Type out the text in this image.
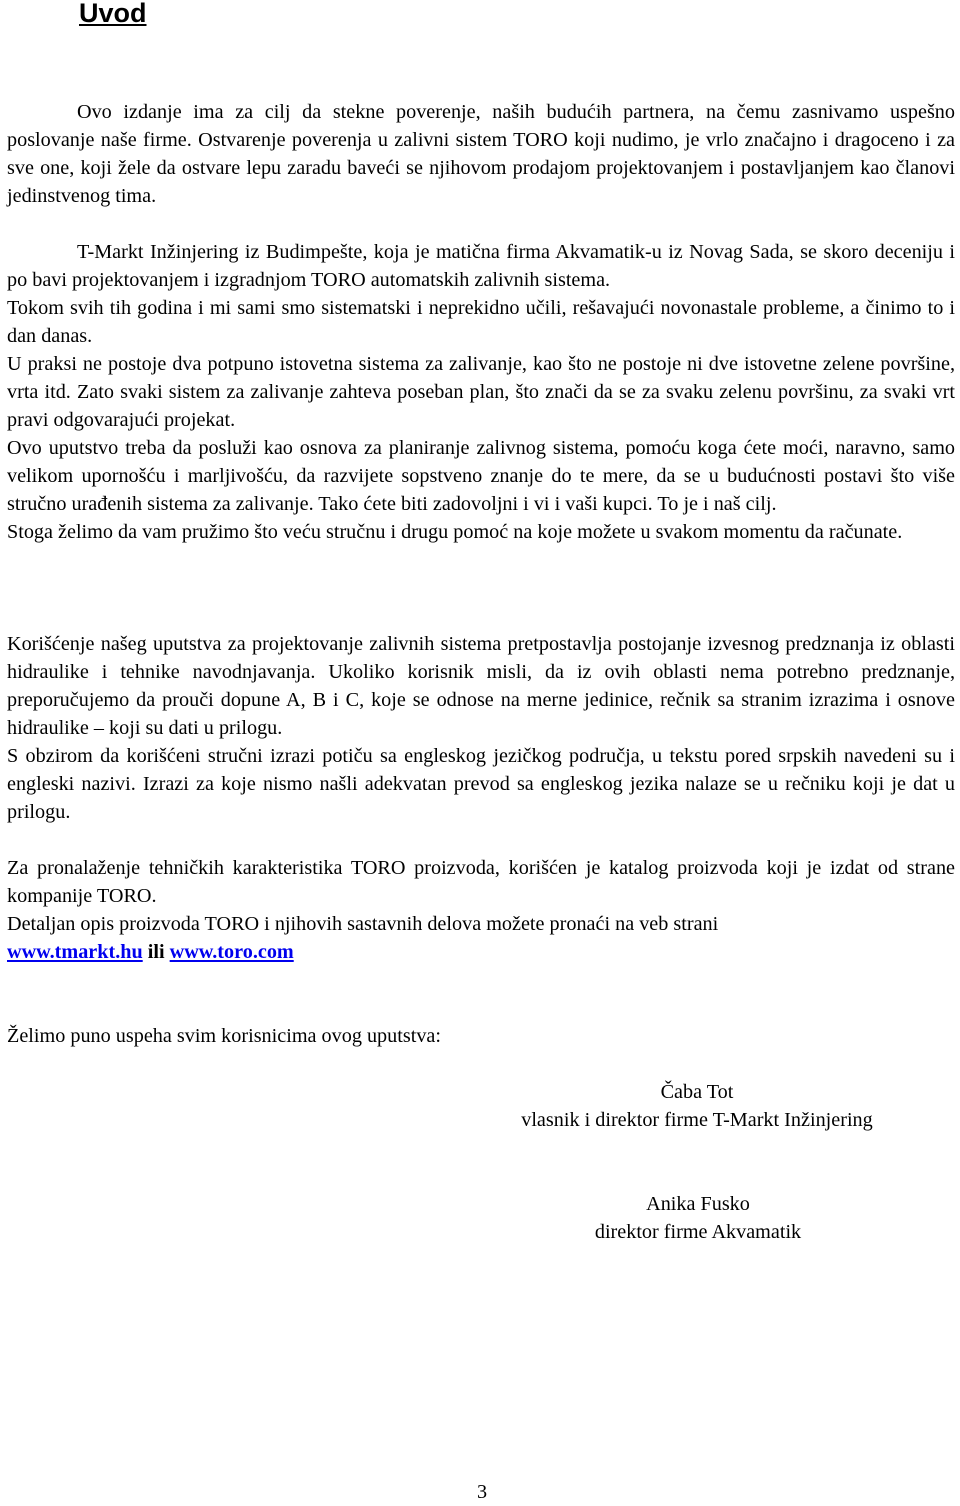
Uvod

Ovo izdanje ima za cilj da stekne poverenje, naših budućih partnera, na čemu zasnivamo uspešno poslovanje naše firme. Ostvarenje poverenja u zalivni sistem TORO koji nudimo, je vrlo značajno i dragoceno i za sve one, koji žele da ostvare lepu zaradu baveći se njihovom prodajom projektovanjem i postavljanjem kao članovi jedinstvenog tima.

T-Markt Inžinjering iz Budimpešte, koja je matična firma Akvamatik-u iz Novag Sada, se skoro deceniju i po bavi projektovanjem i izgradnjom TORO automatskih zalivnih sistema.

Tokom svih tih godina i mi sami smo sistematski i neprekidno učili, rešavajući novonastale probleme, a činimo to i dan danas.

U praksi ne postoje dva potpuno istovetna sistema za zalivanje, kao što ne postoje ni dve istovetne zelene površine, vrta itd. Zato svaki sistem za zalivanje zahteva poseban plan, što znači da se za svaku zelenu površinu, za svaki vrt pravi odgovarajući projekat.

Ovo uputstvo treba da posluži kao osnova za planiranje zalivnog sistema, pomoću koga ćete moći, naravno, samo velikom upornošću i marljivošću, da razvijete sopstveno znanje do te mere, da se u budućnosti postavi što više stručno urađenih sistema za zalivanje. Tako ćete biti zadovoljni i vi i vaši kupci. To je i naš cilj.

Stoga želimo da vam pružimo što veću stručnu i drugu pomoć na koje možete u svakom momentu da računate.

Korišćenje našeg uputstva za projektovanje zalivnih sistema pretpostavlja postojanje izvesnog predznanja iz oblasti hidraulike i tehnike navodnjavanja. Ukoliko korisnik misli, da iz ovih oblasti nema potrebno predznanje, preporučujemo da prouči dopune A, B i C, koje se odnose na merne jedinice, rečnik sa stranim izrazima i osnove hidraulike – koji su dati u prilogu.

S obzirom da korišćeni stručni izrazi potiču sa engleskog jezičkog područja, u tekstu pored srpskih navedeni su i engleski nazivi. Izrazi za koje nismo našli adekvatan prevod sa engleskog jezika nalaze se u rečniku koji je dat u prilogu.

Za pronalaženje tehničkih karakteristika TORO proizvoda, korišćen je katalog proizvoda koji je izdat od strane kompanije TORO.

Detaljan opis proizvoda TORO i njihovih sastavnih delova možete pronaći na veb strani

www.tmarkt.hu ili www.toro.com

Želimo puno uspeha svim korisnicima ovog uputstva:

Čaba Tot
vlasnik i direktor firme T-Markt Inžinjering
Anika Fusko
direktor firme Akvamatik
3
